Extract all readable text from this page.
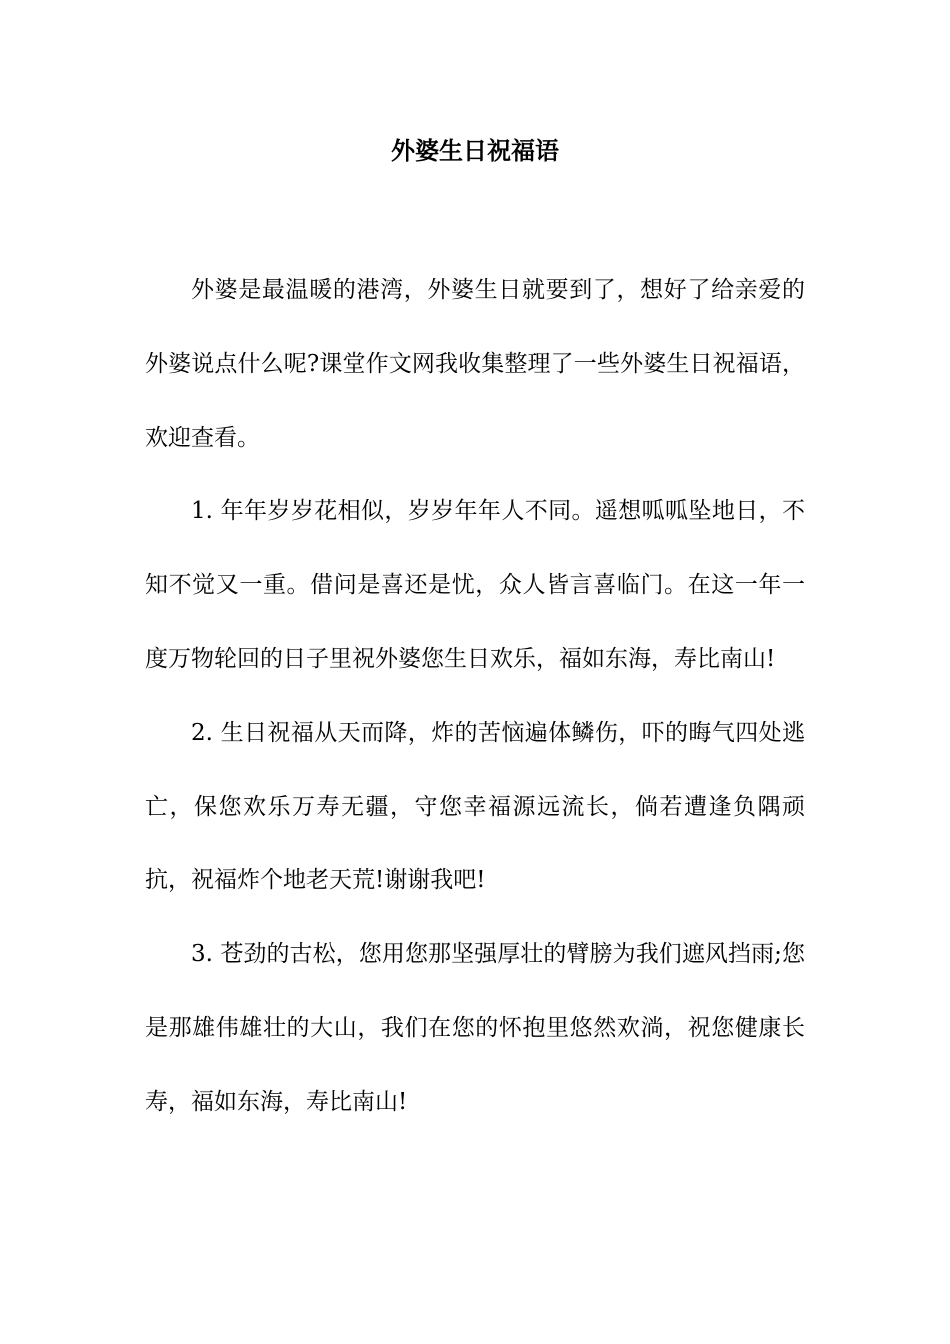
外婆生日祝福语

外婆是最温暖的港湾，外婆生日就要到了，想好了给亲爱的外婆说点什么呢?课堂作文网我收集整理了一些外婆生日祝福语，欢迎查看。

1. 年年岁岁花相似，岁岁年年人不同。遥想呱呱坠地日，不知不觉又一重。借问是喜还是忧，众人皆言喜临门。在这一年一度万物轮回的日子里祝外婆您生日欢乐，福如东海，寿比南山!

2. 生日祝福从天而降，炸的苦恼遍体鳞伤，吓的晦气四处逃亡，保您欢乐万寿无疆，守您幸福源远流长，倘若遭逢负隅顽抗，祝福炸个地老天荒!谢谢我吧!

3. 苍劲的古松，您用您那坚强厚壮的臂膀为我们遮风挡雨;您是那雄伟雄壮的大山，我们在您的怀抱里悠然欢淌，祝您健康长寿，福如东海，寿比南山!
